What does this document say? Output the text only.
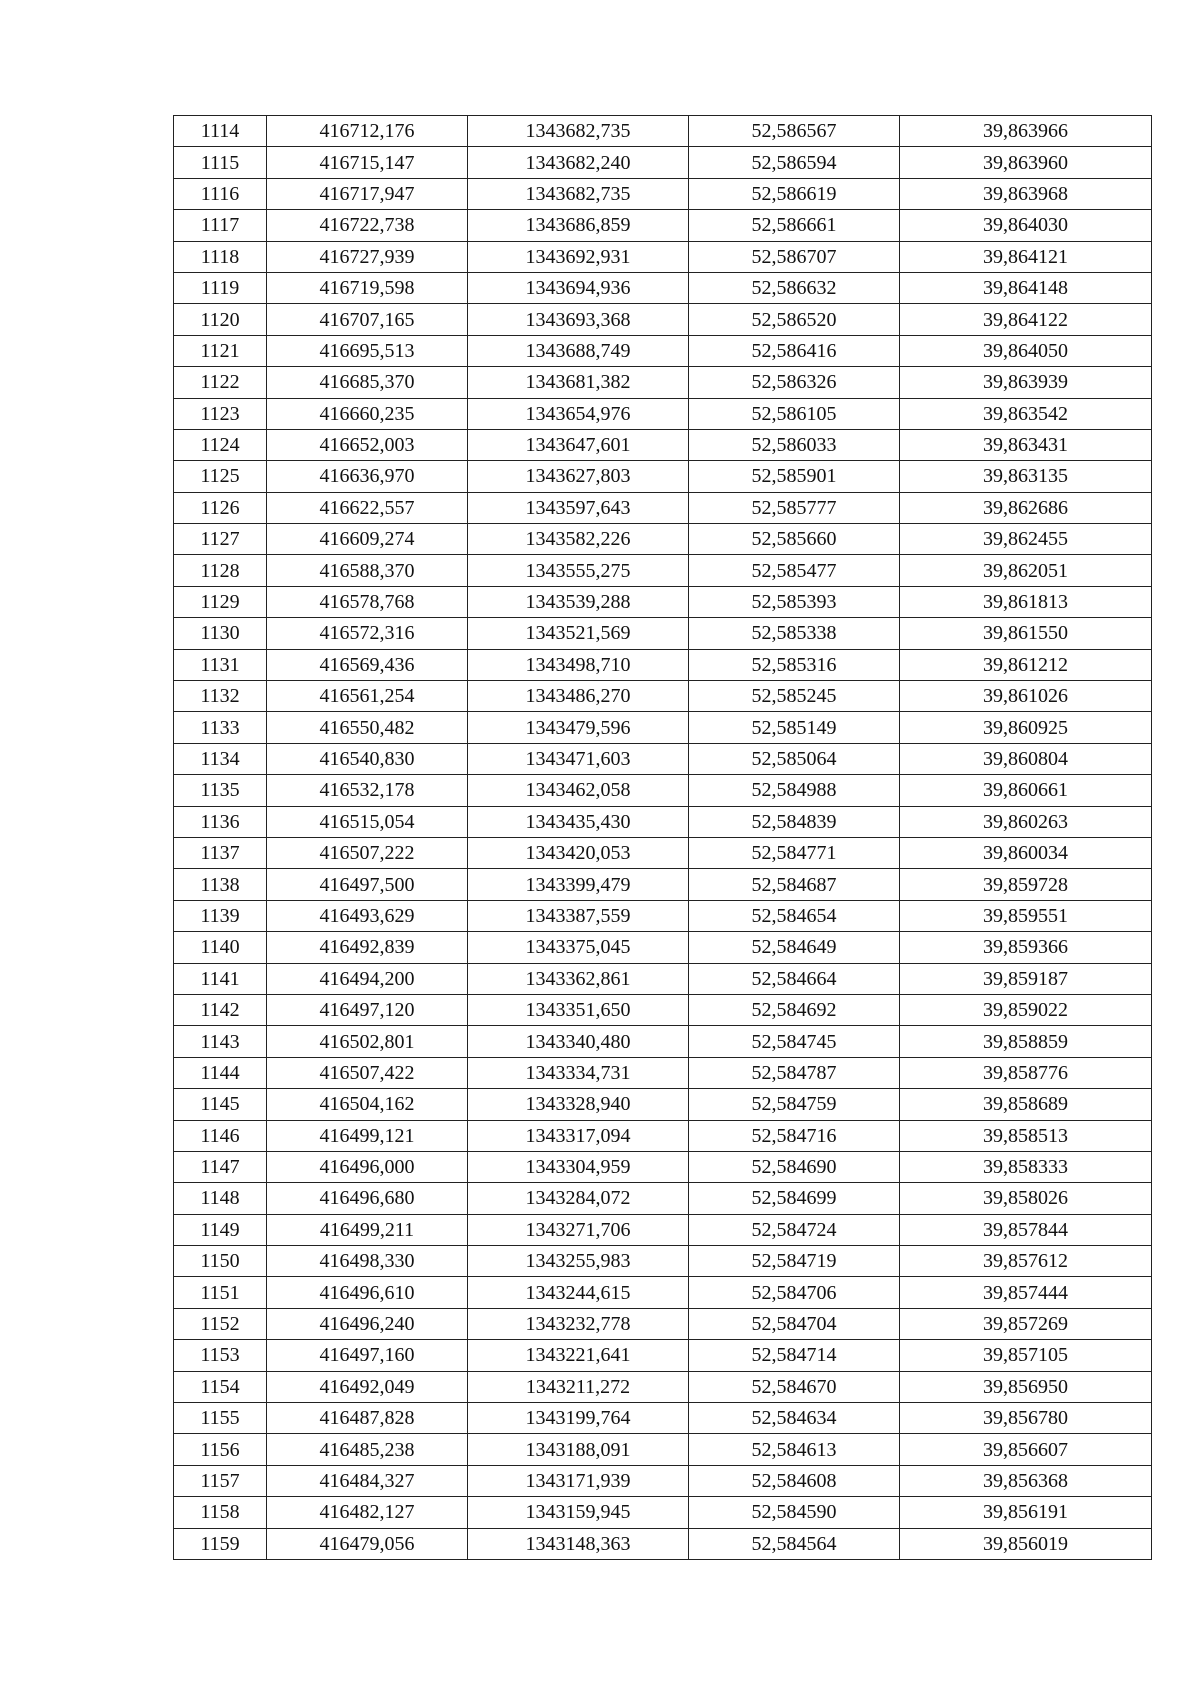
1114	416712,176	1343682,735	52,586567	39,863966
1115	416715,147	1343682,240	52,586594	39,863960
1116	416717,947	1343682,735	52,586619	39,863968
1117	416722,738	1343686,859	52,586661	39,864030
1118	416727,939	1343692,931	52,586707	39,864121
1119	416719,598	1343694,936	52,586632	39,864148
1120	416707,165	1343693,368	52,586520	39,864122
1121	416695,513	1343688,749	52,586416	39,864050
1122	416685,370	1343681,382	52,586326	39,863939
1123	416660,235	1343654,976	52,586105	39,863542
1124	416652,003	1343647,601	52,586033	39,863431
1125	416636,970	1343627,803	52,585901	39,863135
1126	416622,557	1343597,643	52,585777	39,862686
1127	416609,274	1343582,226	52,585660	39,862455
1128	416588,370	1343555,275	52,585477	39,862051
1129	416578,768	1343539,288	52,585393	39,861813
1130	416572,316	1343521,569	52,585338	39,861550
1131	416569,436	1343498,710	52,585316	39,861212
1132	416561,254	1343486,270	52,585245	39,861026
1133	416550,482	1343479,596	52,585149	39,860925
1134	416540,830	1343471,603	52,585064	39,860804
1135	416532,178	1343462,058	52,584988	39,860661
1136	416515,054	1343435,430	52,584839	39,860263
1137	416507,222	1343420,053	52,584771	39,860034
1138	416497,500	1343399,479	52,584687	39,859728
1139	416493,629	1343387,559	52,584654	39,859551
1140	416492,839	1343375,045	52,584649	39,859366
1141	416494,200	1343362,861	52,584664	39,859187
1142	416497,120	1343351,650	52,584692	39,859022
1143	416502,801	1343340,480	52,584745	39,858859
1144	416507,422	1343334,731	52,584787	39,858776
1145	416504,162	1343328,940	52,584759	39,858689
1146	416499,121	1343317,094	52,584716	39,858513
1147	416496,000	1343304,959	52,584690	39,858333
1148	416496,680	1343284,072	52,584699	39,858026
1149	416499,211	1343271,706	52,584724	39,857844
1150	416498,330	1343255,983	52,584719	39,857612
1151	416496,610	1343244,615	52,584706	39,857444
1152	416496,240	1343232,778	52,584704	39,857269
1153	416497,160	1343221,641	52,584714	39,857105
1154	416492,049	1343211,272	52,584670	39,856950
1155	416487,828	1343199,764	52,584634	39,856780
1156	416485,238	1343188,091	52,584613	39,856607
1157	416484,327	1343171,939	52,584608	39,856368
1158	416482,127	1343159,945	52,584590	39,856191
1159	416479,056	1343148,363	52,584564	39,856019
